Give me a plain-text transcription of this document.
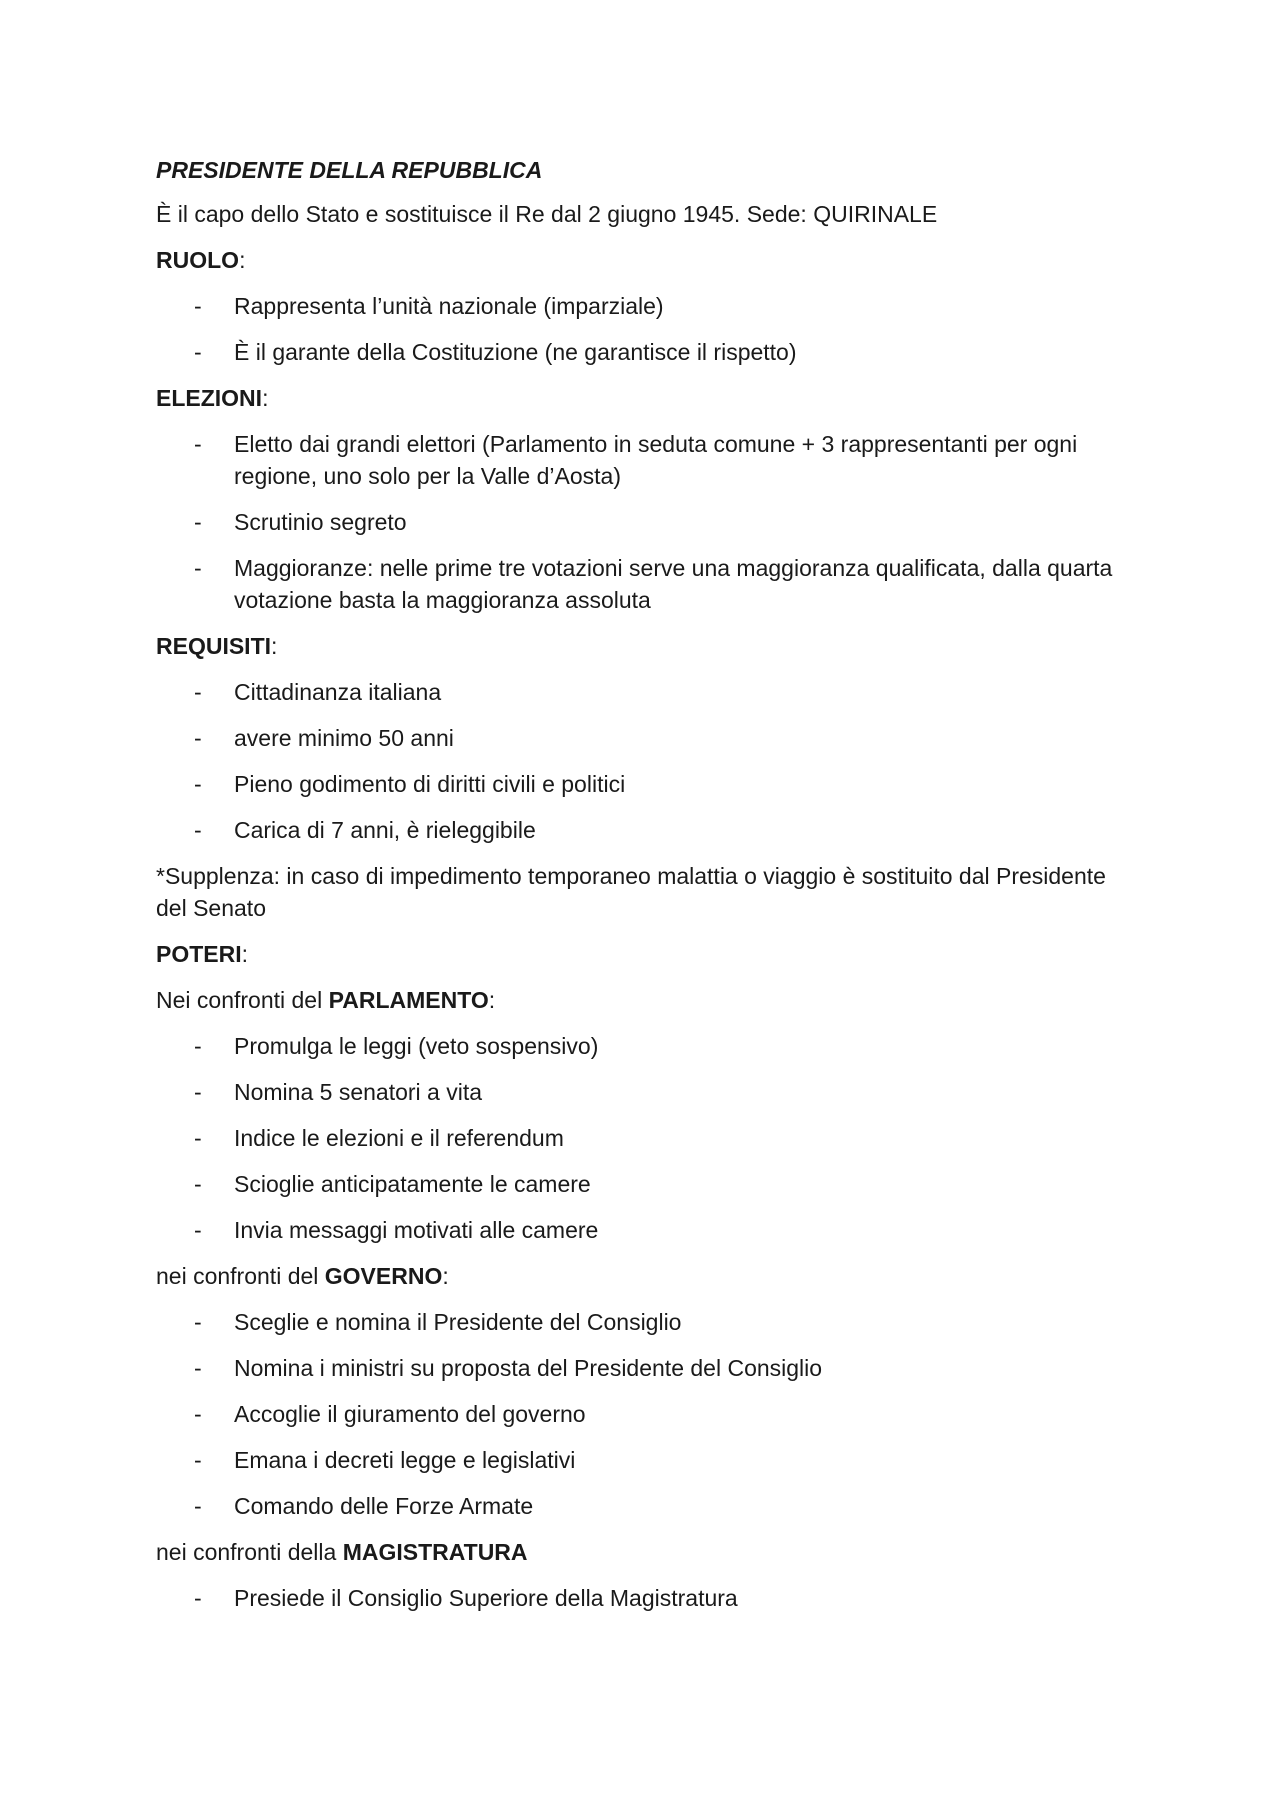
PRESIDENTE DELLA REPUBBLICA
È il capo dello Stato e sostituisce il Re dal 2 giugno 1945. Sede: QUIRINALE
RUOLO:
- Rappresenta l’unità nazionale (imparziale)
- È il garante della Costituzione (ne garantisce il rispetto)
ELEZIONI:
- Eletto dai grandi elettori (Parlamento in seduta comune + 3 rappresentanti per ogni regione, uno solo per la Valle d’Aosta)
- Scrutinio segreto
- Maggioranze: nelle prime tre votazioni serve una maggioranza qualificata, dalla quarta votazione basta la maggioranza assoluta
REQUISITI:
- Cittadinanza italiana
- avere minimo 50 anni
- Pieno godimento di diritti civili e politici
- Carica di 7 anni, è rieleggibile
*Supplenza: in caso di impedimento temporaneo malattia o viaggio è sostituito dal Presidente del Senato
POTERI:
Nei confronti del PARLAMENTO:
- Promulga le leggi (veto sospensivo)
- Nomina 5 senatori a vita
- Indice le elezioni e il referendum
- Scioglie anticipatamente le camere
- Invia messaggi motivati alle camere
nei confronti del GOVERNO:
- Sceglie e nomina il Presidente del Consiglio
- Nomina i ministri su proposta del Presidente del Consiglio
- Accoglie il giuramento del governo
- Emana i decreti legge e legislativi
- Comando delle Forze Armate
nei confronti della MAGISTRATURA
- Presiede il Consiglio Superiore della Magistratura
